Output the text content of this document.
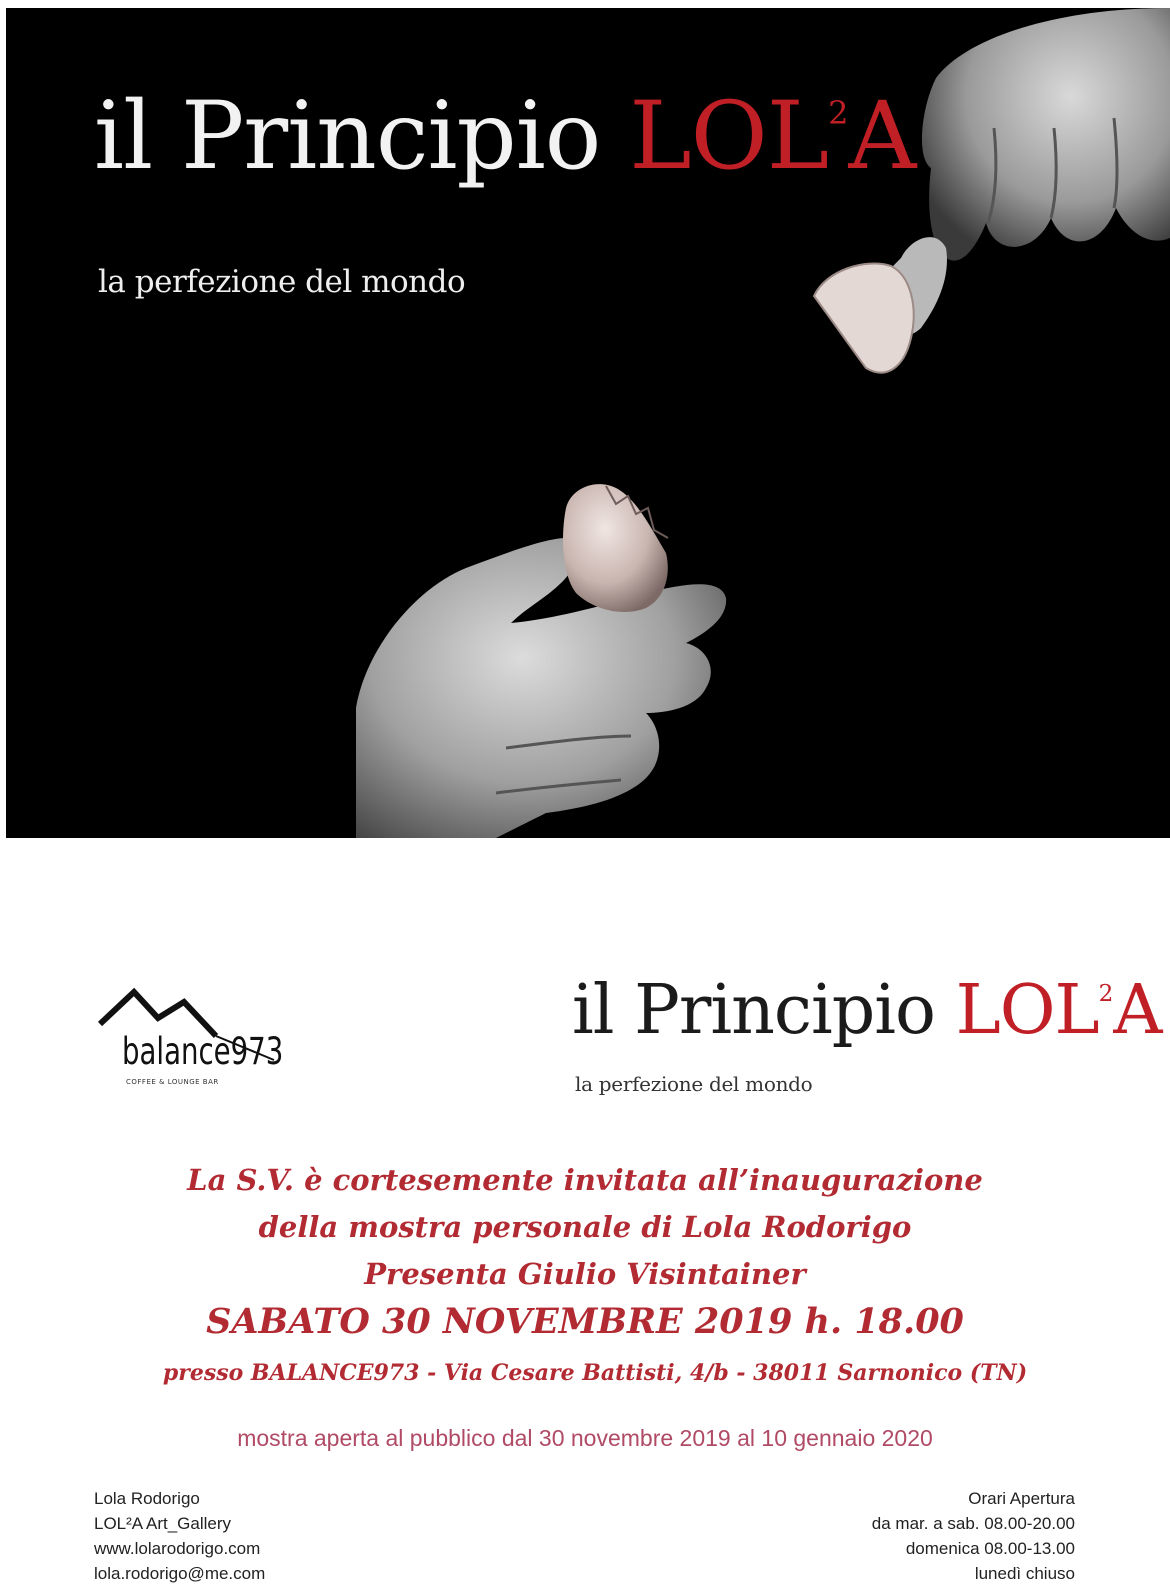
il Principio LOL$^2$A
la perfezione del mondo
balance973
COFFEE & LOUNGE BAR
il Principio LOL$^2$A
la perfezione del mondo
La S.V. è cortesemente invitata all’inaugurazione
della mostra personale di Lola Rodorigo
Presenta Giulio Visintainer
SABATO 30 NOVEMBRE 2019 h. 18.00
presso BALANCE973 - Via Cesare Battisti, 4/b - 38011 Sarnonico (TN)
mostra aperta al pubblico dal 30 novembre 2019 al 10 gennaio 2020
Lola Rodorigo
LOL²A Art_Gallery
www.lolarodorigo.com
lola.rodorigo@me.com
Orari Apertura
da mar. a sab. 08.00-20.00
domenica 08.00-13.00
lunedì chiuso
